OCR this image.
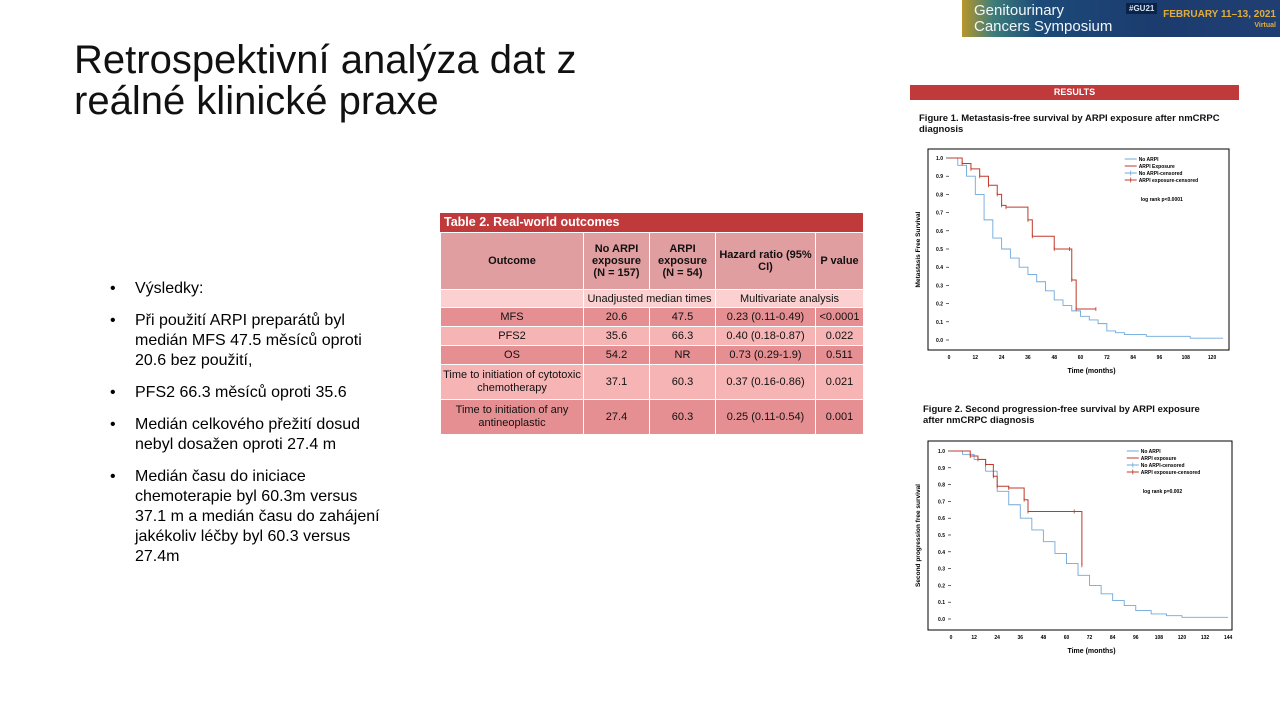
Genitourinary
Cancers Symposium
#GU21
FEBRUARY 11–13, 2021
Virtual
Retrospektivní analýza dat z
reálné klinické praxe
• Výsledky:
• Při použití ARPI preparátů byl medián MFS 47.5 měsíců oproti 20.6 bez použití,
• PFS2 66.3 měsíců oproti 35.6
• Medián celkového přežití dosud nebyl dosažen oproti 27.4 m
• Medián času do iniciace chemoterapie byl 60.3m versus 37.1 m a medián času do zahájení jakékoliv léčby byl 60.3 versus 27.4m
Table 2. Real-world outcomes
Outcome	No ARPI exposure (N = 157)	ARPI exposure (N = 54)	Hazard ratio (95% CI)	P value
	Unadjusted median times		Multivariate analysis	
MFS	20.6	47.5	0.23 (0.11-0.49)	<0.0001
PFS2	35.6	66.3	0.40 (0.18-0.87)	0.022
OS	54.2	NR	0.73 (0.29-1.9)	0.511
Time to initiation of cytotoxic chemotherapy	37.1	60.3	0.37 (0.16-0.86)	0.021
Time to initiation of any antineoplastic	27.4	60.3	0.25 (0.11-0.54)	0.001
RESULTS
Figure 1. Metastasis-free survival by ARPI exposure after nmCRPC diagnosis
0.0
0.1
0.2
0.3
0.4
0.5
0.6
0.7
0.8
0.9
1.0
0	12	24	36	48	60	72	84	96	108	120
Time (months)
Metastasis Free Survival
No ARPI
ARPI Exposure
No ARPI-censored
ARPI exposure-censored
log rank p<0.0001
Figure 2. Second progression-free survival by ARPI exposure after nmCRPC diagnosis
0.0
0.1
0.2
0.3
0.4
0.5
0.6
0.7
0.8
0.9
1.0
0	12	24	36	48	60	72	84	96	108	120	132	144
Time (months)
Second progression free survival
No ARPI
ARPI exposure
No ARPI-censored
ARPI exposure-censored
log rank p=0.002
